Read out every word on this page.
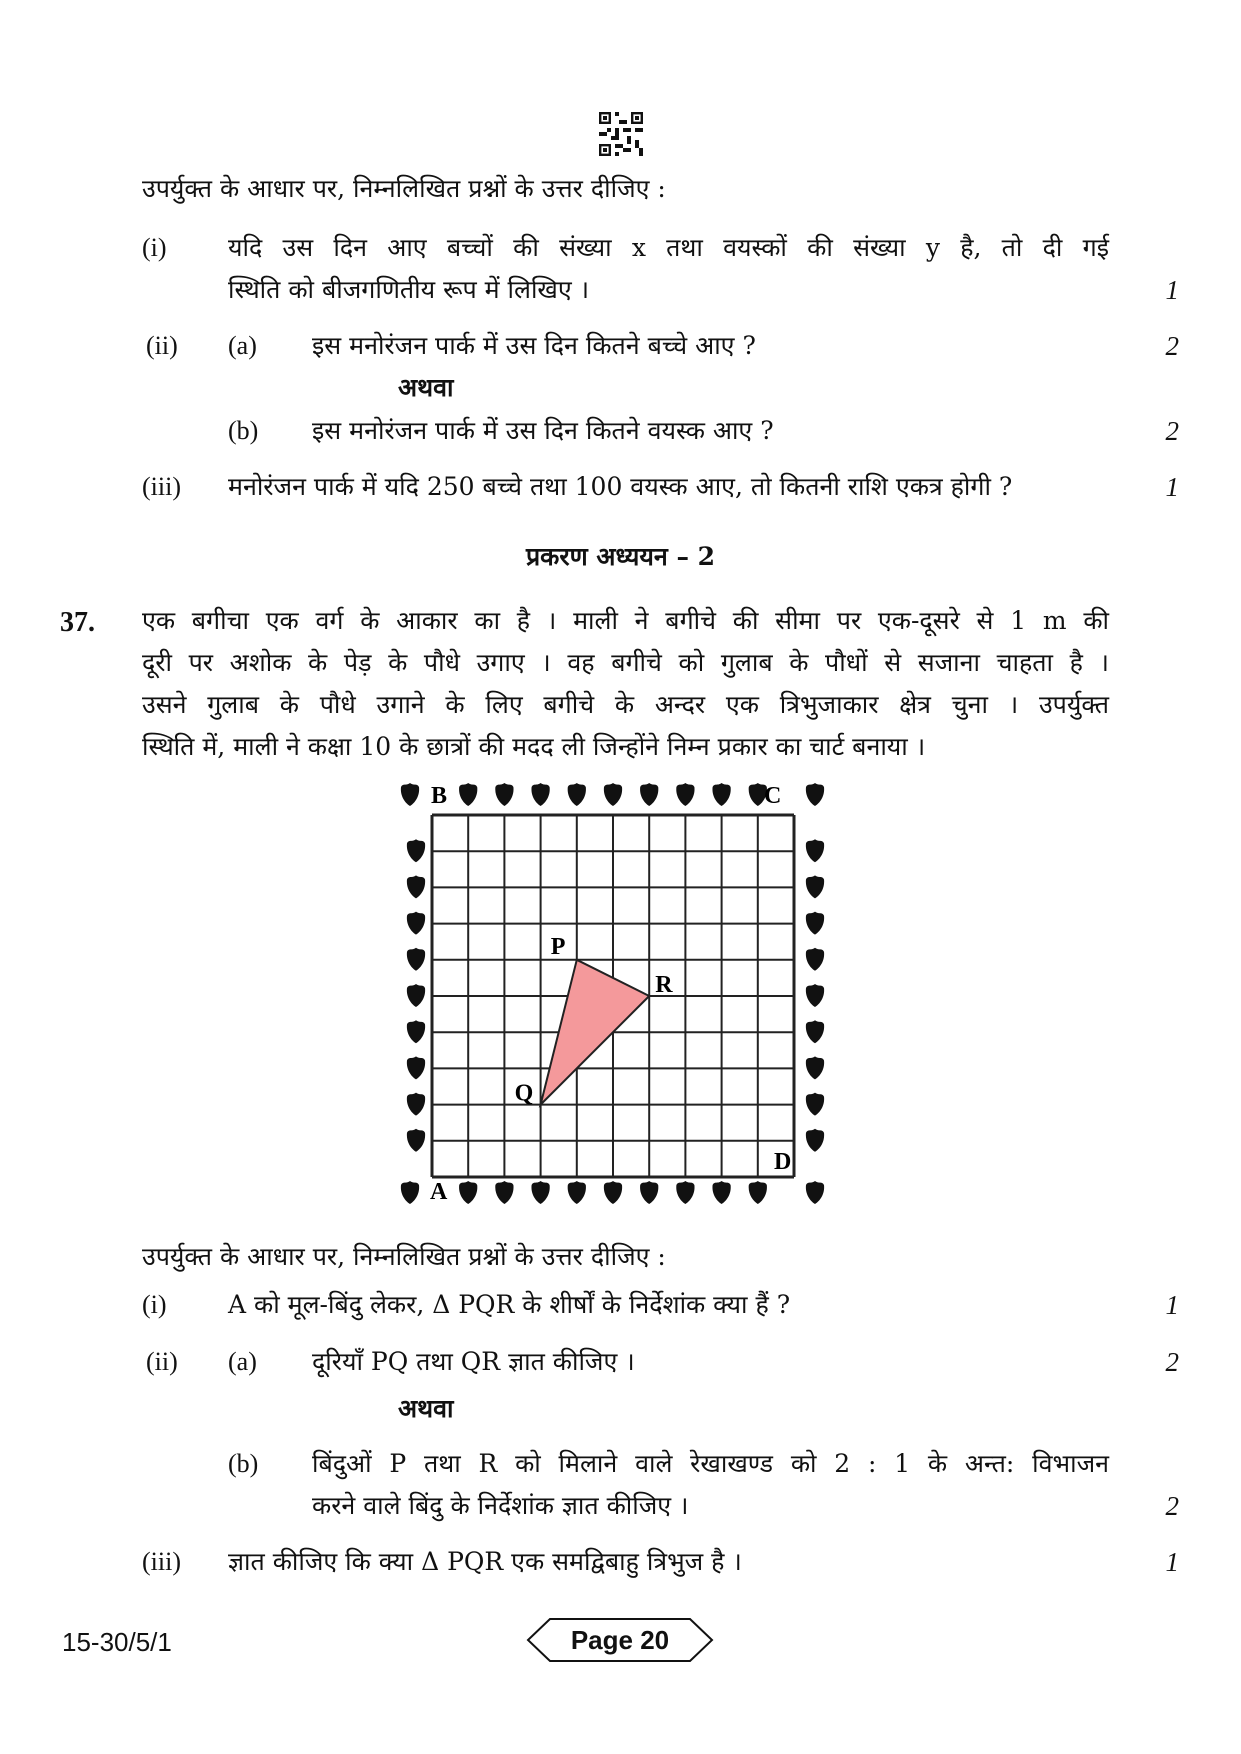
उपर्युक्त के आधार पर, निम्नलिखित प्रश्नों के उत्तर दीजिए :
(i) यदि उस दिन आए बच्चों की संख्या x तथा वयस्कों की संख्या y है, तो दी गई
स्थिति को बीजगणितीय रूप में लिखिए ।	1
(ii) (a) इस मनोरंजन पार्क में उस दिन कितने बच्चे आए ?	2
अथवा
(b) इस मनोरंजन पार्क में उस दिन कितने वयस्क आए ?	2
(iii) मनोरंजन पार्क में यदि 250 बच्चे तथा 100 वयस्क आए, तो कितनी राशि एकत्र होगी ?	1
प्रकरण अध्ययन – 2
37. एक बगीचा एक वर्ग के आकार का है । माली ने बगीचे की सीमा पर एक-दूसरे से 1 m की
दूरी पर अशोक के पेड़ के पौधे उगाए । वह बगीचे को गुलाब के पौधों से सजाना चाहता है ।
उसने गुलाब के पौधे उगाने के लिए बगीचे के अन्दर एक त्रिभुजाकार क्षेत्र चुना । उपर्युक्त
स्थिति में, माली ने कक्षा 10 के छात्रों की मदद ली जिन्होंने निम्न प्रकार का चार्ट बनाया ।
A
B	C
D
P
Q
R
उपर्युक्त के आधार पर, निम्नलिखित प्रश्नों के उत्तर दीजिए :
(i) A को मूल-बिंदु लेकर, Δ PQR के शीर्षों के निर्देशांक क्या हैं ?	1
(ii) (a) दूरियाँ PQ तथा QR ज्ञात कीजिए ।	2
अथवा
(b) बिंदुओं P तथा R को मिलाने वाले रेखाखण्ड को 2 : 1 के अन्त: विभाजन
करने वाले बिंदु के निर्देशांक ज्ञात कीजिए ।	2
(iii) ज्ञात कीजिए कि क्या Δ PQR एक समद्विबाहु त्रिभुज है ।	1
15-30/5/1	Page 20
